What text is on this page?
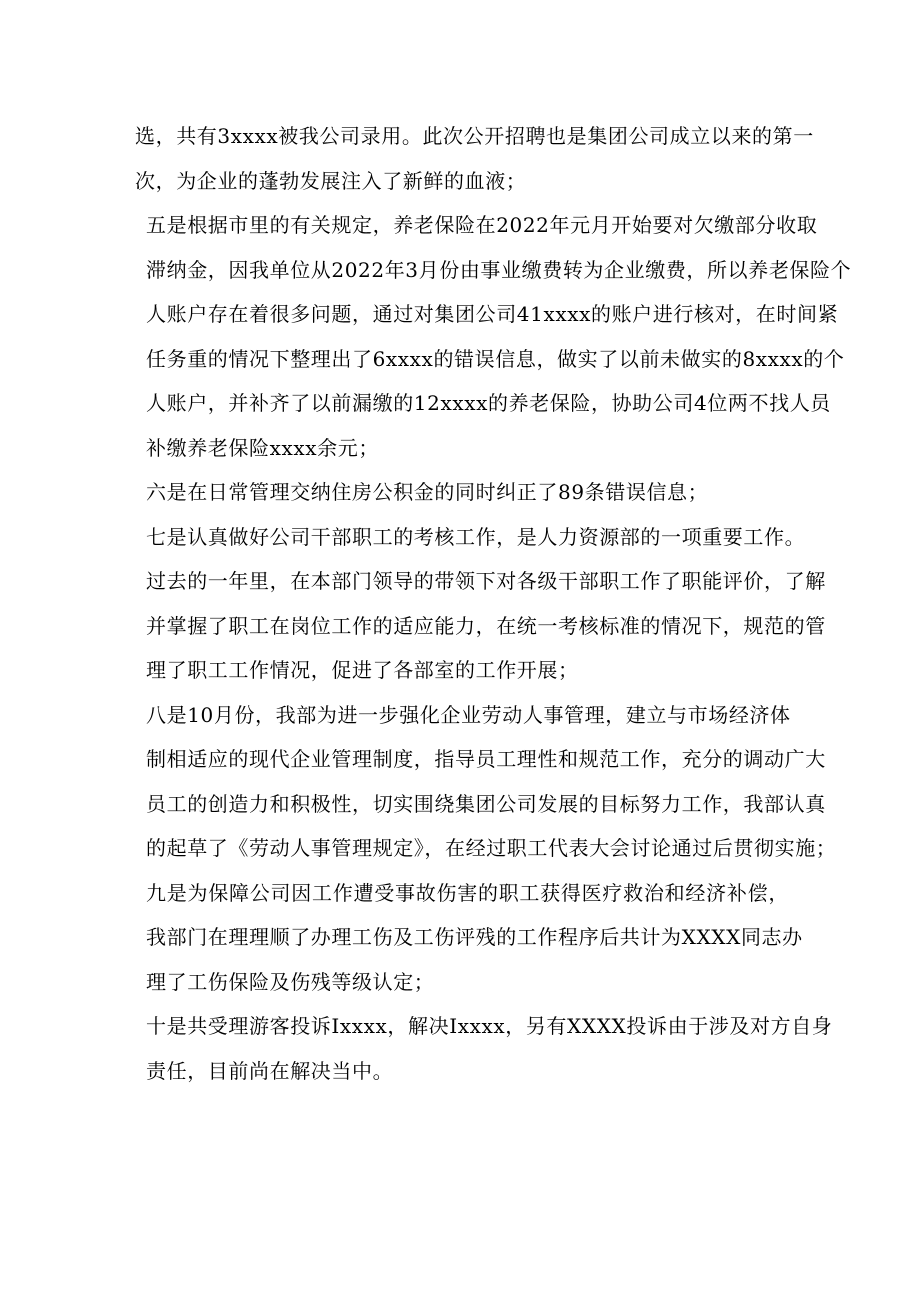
选，共有3xxxx被我公司录用。此次公开招聘也是集团公司成立以来的第一
次，为企业的蓬勃发展注入了新鲜的血液；

五是根据市里的有关规定，养老保险在2022年元月开始要对欠缴部分收取
滞纳金，因我单位从2022年3月份由事业缴费转为企业缴费，所以养老保险个
人账户存在着很多问题，通过对集团公司41xxxx的账户进行核对，在时间紧
任务重的情况下整理出了6xxxx的错误信息，做实了以前未做实的8xxxx的个
人账户，并补齐了以前漏缴的12xxxx的养老保险，协助公司4位两不找人员
补缴养老保险xxxx余元；

六是在日常管理交纳住房公积金的同时纠正了89条错误信息；

七是认真做好公司干部职工的考核工作，是人力资源部的一项重要工作。
过去的一年里，在本部门领导的带领下对各级干部职工作了职能评价，了解
并掌握了职工在岗位工作的适应能力，在统一考核标准的情况下，规范的管
理了职工工作情况，促进了各部室的工作开展；

八是10月份，我部为进一步强化企业劳动人事管理，建立与市场经济体
制相适应的现代企业管理制度，指导员工理性和规范工作，充分的调动广大
员工的创造力和积极性，切实围绕集团公司发展的目标努力工作，我部认真
的起草了《劳动人事管理规定》，在经过职工代表大会讨论通过后贯彻实施；

九是为保障公司因工作遭受事故伤害的职工获得医疗救治和经济补偿，
我部门在理理顺了办理工伤及工伤评残的工作程序后共计为XXXX同志办
理了工伤保险及伤残等级认定；

十是共受理游客投诉Ixxxx，解决Ixxxx，另有XXXX投诉由于涉及对方自身
责任，目前尚在解决当中。
